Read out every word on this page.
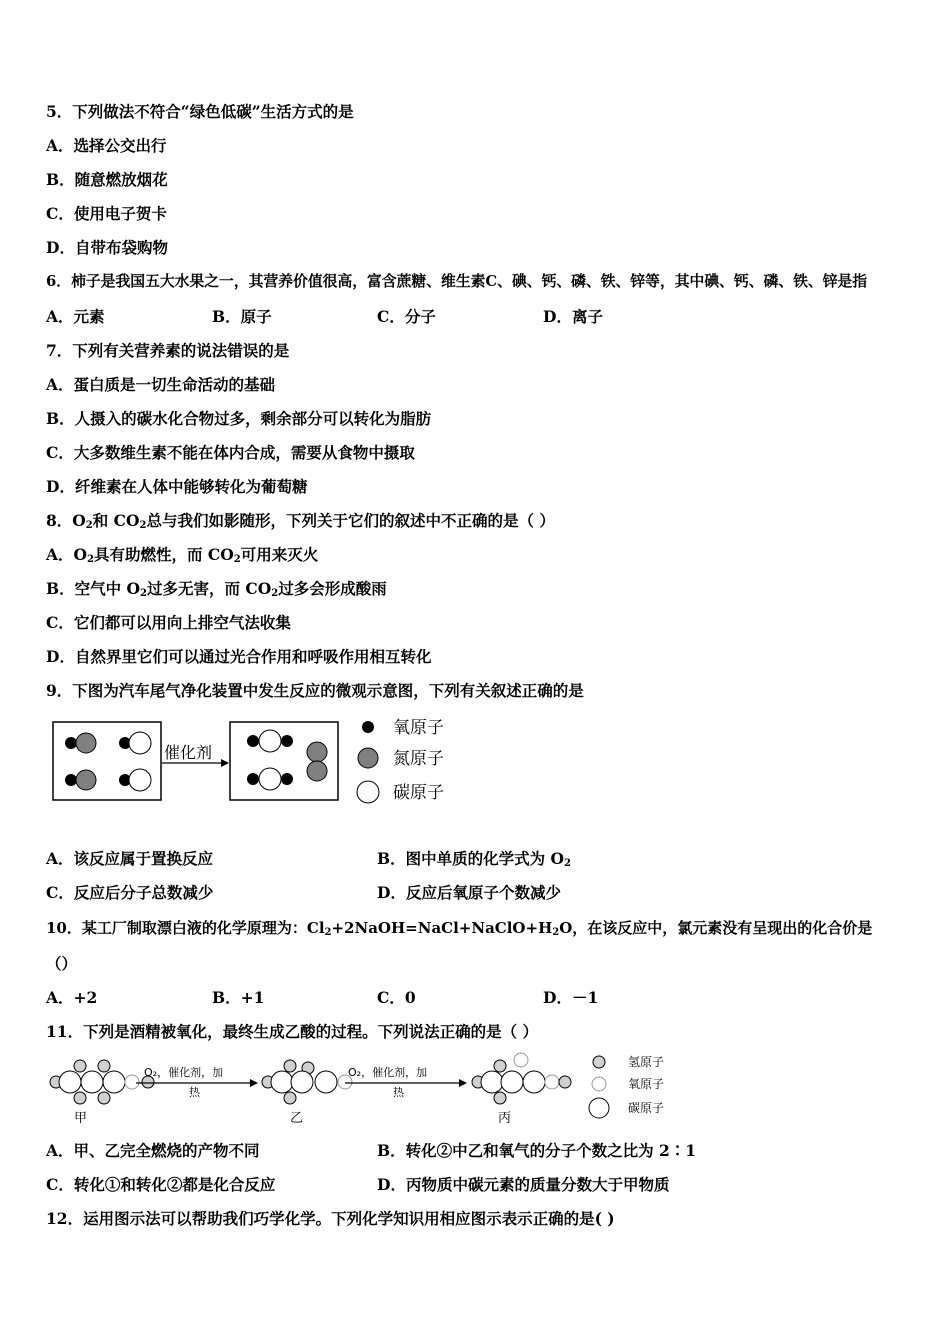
5．下列做法不符合“绿色低碳”生活方式的是
A．选择公交出行
B．随意燃放烟花
C．使用电子贺卡
D．自带布袋购物
6．柿子是我国五大水果之一，其营养价值很高，富含蔗糖、维生素C、碘、钙、磷、铁、锌等，其中碘、钙、磷、铁、锌是指
A．元素	B．原子	C．分子	D．离子
7．下列有关营养素的说法错误的是
A．蛋白质是一切生命活动的基础
B．人摄入的碳水化合物过多，剩余部分可以转化为脂肪
C．大多数维生素不能在体内合成，需要从食物中摄取
D．纤维素在人体中能够转化为葡萄糖
8．$O_2$和 $CO_2$总与我们如影随形，下列关于它们的叙述中不正确的是（ ）
A．$O_2$具有助燃性，而 $CO_2$可用来灭火
B．空气中 $O_2$过多无害，而 $CO_2$过多会形成酸雨
C．它们都可以用向上排空气法收集
D．自然界里它们可以通过光合作用和呼吸作用相互转化
9．下图为汽车尾气净化装置中发生反应的微观示意图，下列有关叙述正确的是
催化剂
氧原子
氮原子
碳原子
A．该反应属于置换反应	B．图中单质的化学式为 $O_2$
C．反应后分子总数减少	D．反应后氧原子个数减少
10．某工厂制取漂白液的化学原理为：$Cl_2+2NaOH=NaCl+NaClO+H_2O$，在该反应中，氯元素没有呈现出的化合价是
（）
A．+2	B．+1	C．0	D．－1
11．下列是酒精被氧化，最终生成乙酸的过程。下列说法正确的是（ ）
甲
O₂，催化剂，加
热
乙
O₂，催化剂，加
热
丙
氢原子
氧原子
碳原子
A．甲、乙完全燃烧的产物不同	B．转化②中乙和氧气的分子个数之比为 2∶1
C．转化①和转化②都是化合反应	D．丙物质中碳元素的质量分数大于甲物质
12．运用图示法可以帮助我们巧学化学。下列化学知识用相应图示表示正确的是( )
